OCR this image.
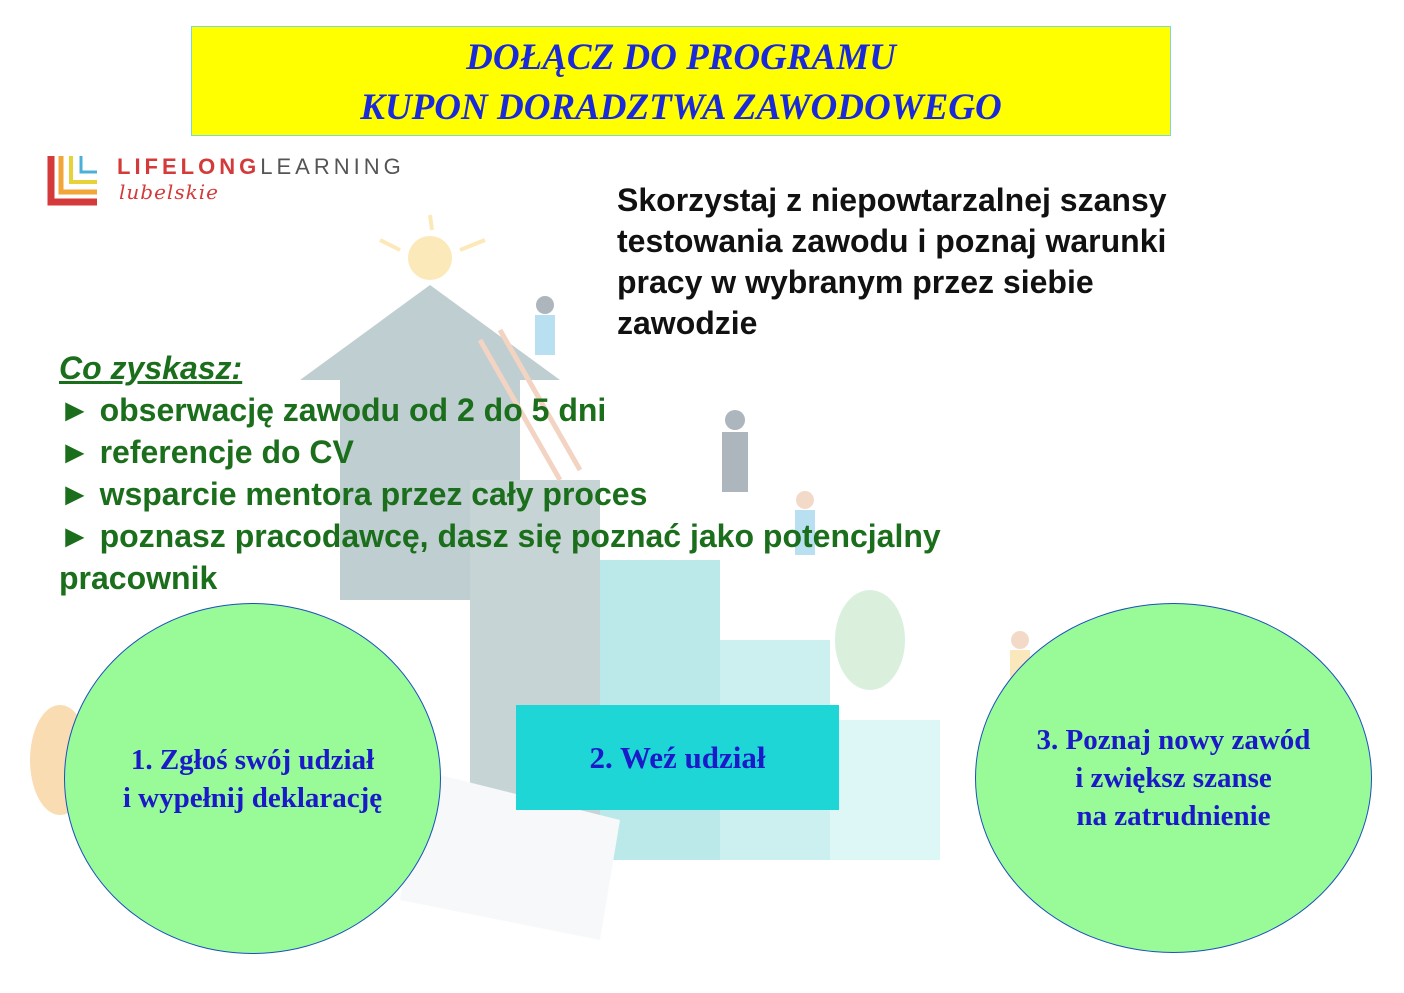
DOŁĄCZ DO PROGRAMU
KUPON DORADZTWA ZAWODOWEGO
LIFELONGLEARNING
lubelskie	Skorzystaj z niepowtarzalnej szansy
testowania zawodu i poznaj warunki
pracy w wybranym przez siebie
zawodzie
Co zyskasz:
► obserwację zawodu od 2 do 5 dni
► referencje do CV
► wsparcie mentora przez cały proces
► poznasz pracodawcę, dasz się poznać jako potencjalny
pracownik
1. Zgłoś swój udział
i wypełnij deklarację
2. Weź udział	3. Poznaj nowy zawód
i zwiększ szanse
na zatrudnienie
